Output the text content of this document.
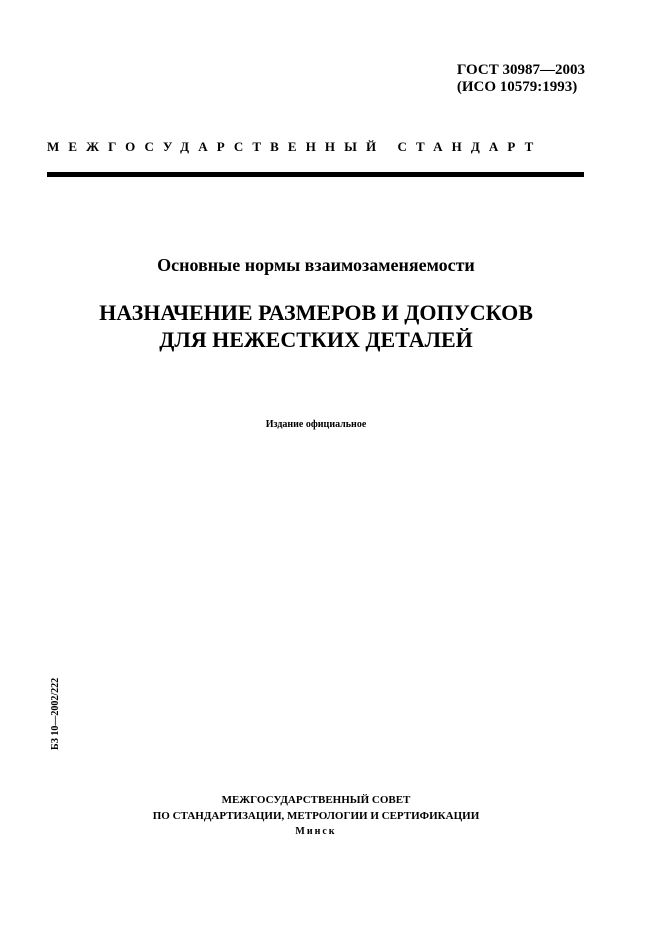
ГОСТ 30987—2003
(ИСО 10579:1993)
МЕЖГОСУДАРСТВЕННЫЙ СТАНДАРТ
Основные нормы взаимозаменяемости
НАЗНАЧЕНИЕ РАЗМЕРОВ И ДОПУСКОВ
ДЛЯ НЕЖЕСТКИХ ДЕТАЛЕЙ
Издание официальное
БЗ 10—2002/222
МЕЖГОСУДАРСТВЕННЫЙ СОВЕТ
ПО СТАНДАРТИЗАЦИИ, МЕТРОЛОГИИ И СЕРТИФИКАЦИИ
Минск
